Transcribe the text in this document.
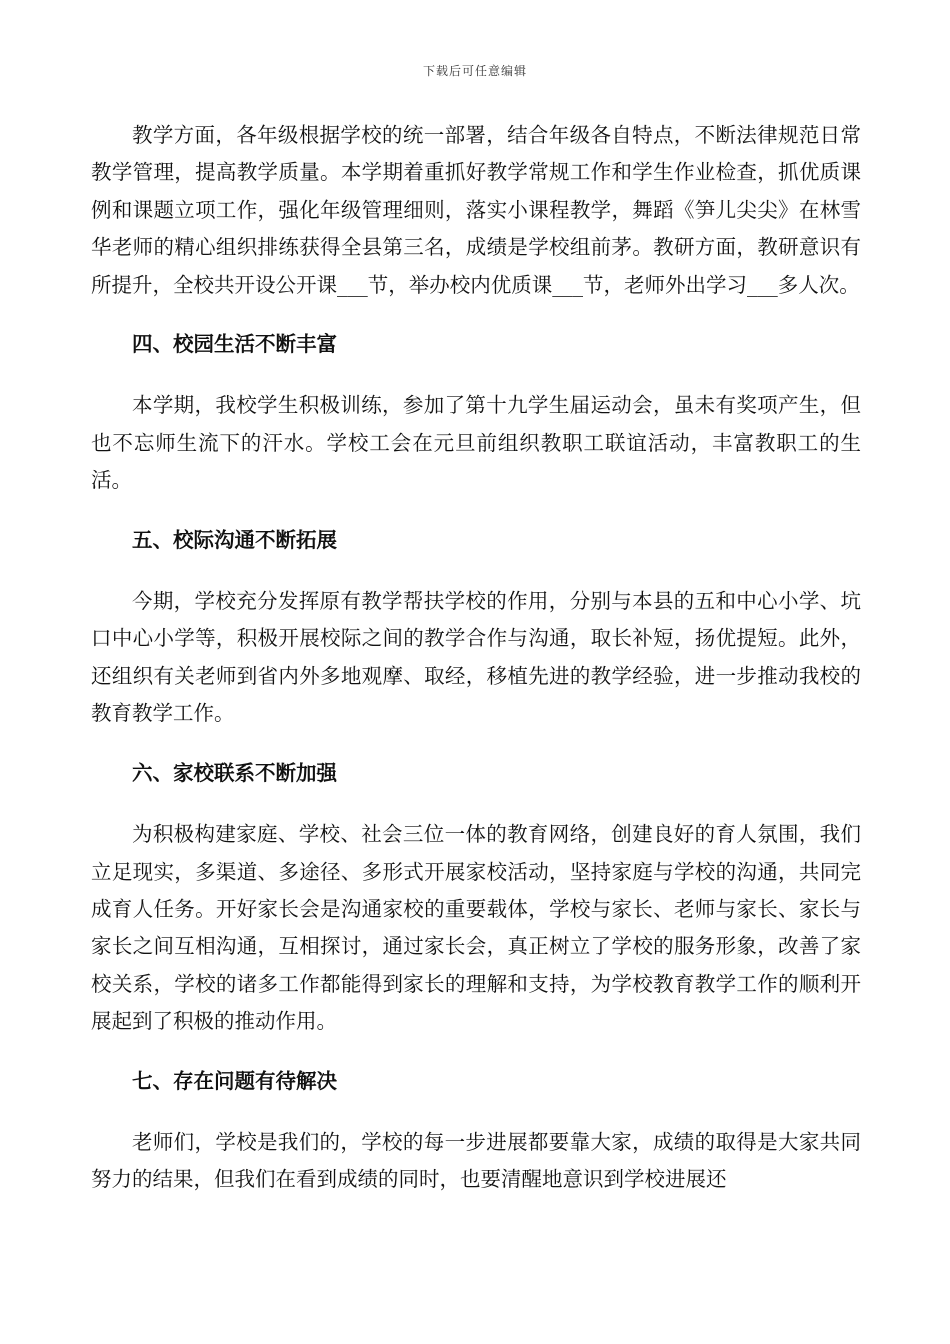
下载后可任意编辑

教学方面，各年级根据学校的统一部署，结合年级各自特点，不断法律规范日常教学管理，提高教学质量。本学期着重抓好教学常规工作和学生作业检查，抓优质课例和课题立项工作，强化年级管理细则，落实小课程教学，舞蹈《笋儿尖尖》在林雪华老师的精心组织排练获得全县第三名，成绩是学校组前茅。教研方面，教研意识有所提升，全校共开设公开课___节，举办校内优质课___节，老师外出学习___多人次。

四、校园生活不断丰富

本学期，我校学生积极训练，参加了第十九学生届运动会，虽未有奖项产生，但也不忘师生流下的汗水。学校工会在元旦前组织教职工联谊活动，丰富教职工的生活。

五、校际沟通不断拓展

今期，学校充分发挥原有教学帮扶学校的作用，分别与本县的五和中心小学、坑口中心小学等，积极开展校际之间的教学合作与沟通，取长补短，扬优提短。此外，还组织有关老师到省内外多地观摩、取经，移植先进的教学经验，进一步推动我校的教育教学工作。

六、家校联系不断加强

为积极构建家庭、学校、社会三位一体的教育网络，创建良好的育人氛围，我们立足现实，多渠道、多途径、多形式开展家校活动，坚持家庭与学校的沟通，共同完成育人任务。开好家长会是沟通家校的重要载体，学校与家长、老师与家长、家长与家长之间互相沟通，互相探讨，通过家长会，真正树立了学校的服务形象，改善了家校关系，学校的诸多工作都能得到家长的理解和支持，为学校教育教学工作的顺利开展起到了积极的推动作用。

七、存在问题有待解决

老师们，学校是我们的，学校的每一步进展都要靠大家，成绩的取得是大家共同努力的结果，但我们在看到成绩的同时，也要清醒地意识到学校进展还
